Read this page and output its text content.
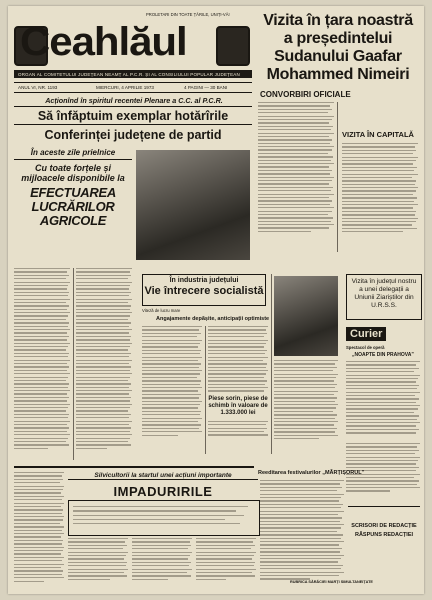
PROLETARI DIN TOATE ȚĂRILE, UNIȚI-VĂ!
Ceahlăul
ORGAN AL COMITETULUI JUDEȚEAN NEAMȚ AL P.C.R. ȘI AL CONSILIULUI POPULAR JUDEȚEAN
ANUL VI, NR. 1193	MIERCURI, 4 APRILIE 1973	4 PAGINI — 30 BANI
Acționînd în spiritul recentei Plenare a C.C. al P.C.R.
Să înfăptuim exemplar hotărîrile
Conferinței județene de partid
În aceste zile prielnice
Cu toate forțele și mijloacele disponibile la
EFECTUAREA LUCRĂRILOR AGRICOLE
Vizita în țara noastră a președintelui Sudanului Gaafar Mohammed Nimeiri
CONVORBIRI OFICIALE
VIZITA ÎN CAPITALĂ
În industria județului
Vie întrecere socialistă
Viteză de lucru mare
Angajamente depășite, anticipații optimiste
Piese sorin, piese de schimb în valoare de 1.333.000 lei
Vizita în județul nostru a unei delegații a Uniunii Ziariștilor din U.R.S.S.
Curier
Spectacol de operă
„NOAPTE DIN PRAHOVA”
Reeditarea festivalurilor „MĂRȚIȘORUL”
Silvicultorii la startul unei acțiuni importante
IMPADURIRILE
SCRISORI DE REDACȚIE
RĂSPUNS REDACȚIEI
RUBRICA SĂRĂCIEI MARȚI SIMULTANEIȚATE
